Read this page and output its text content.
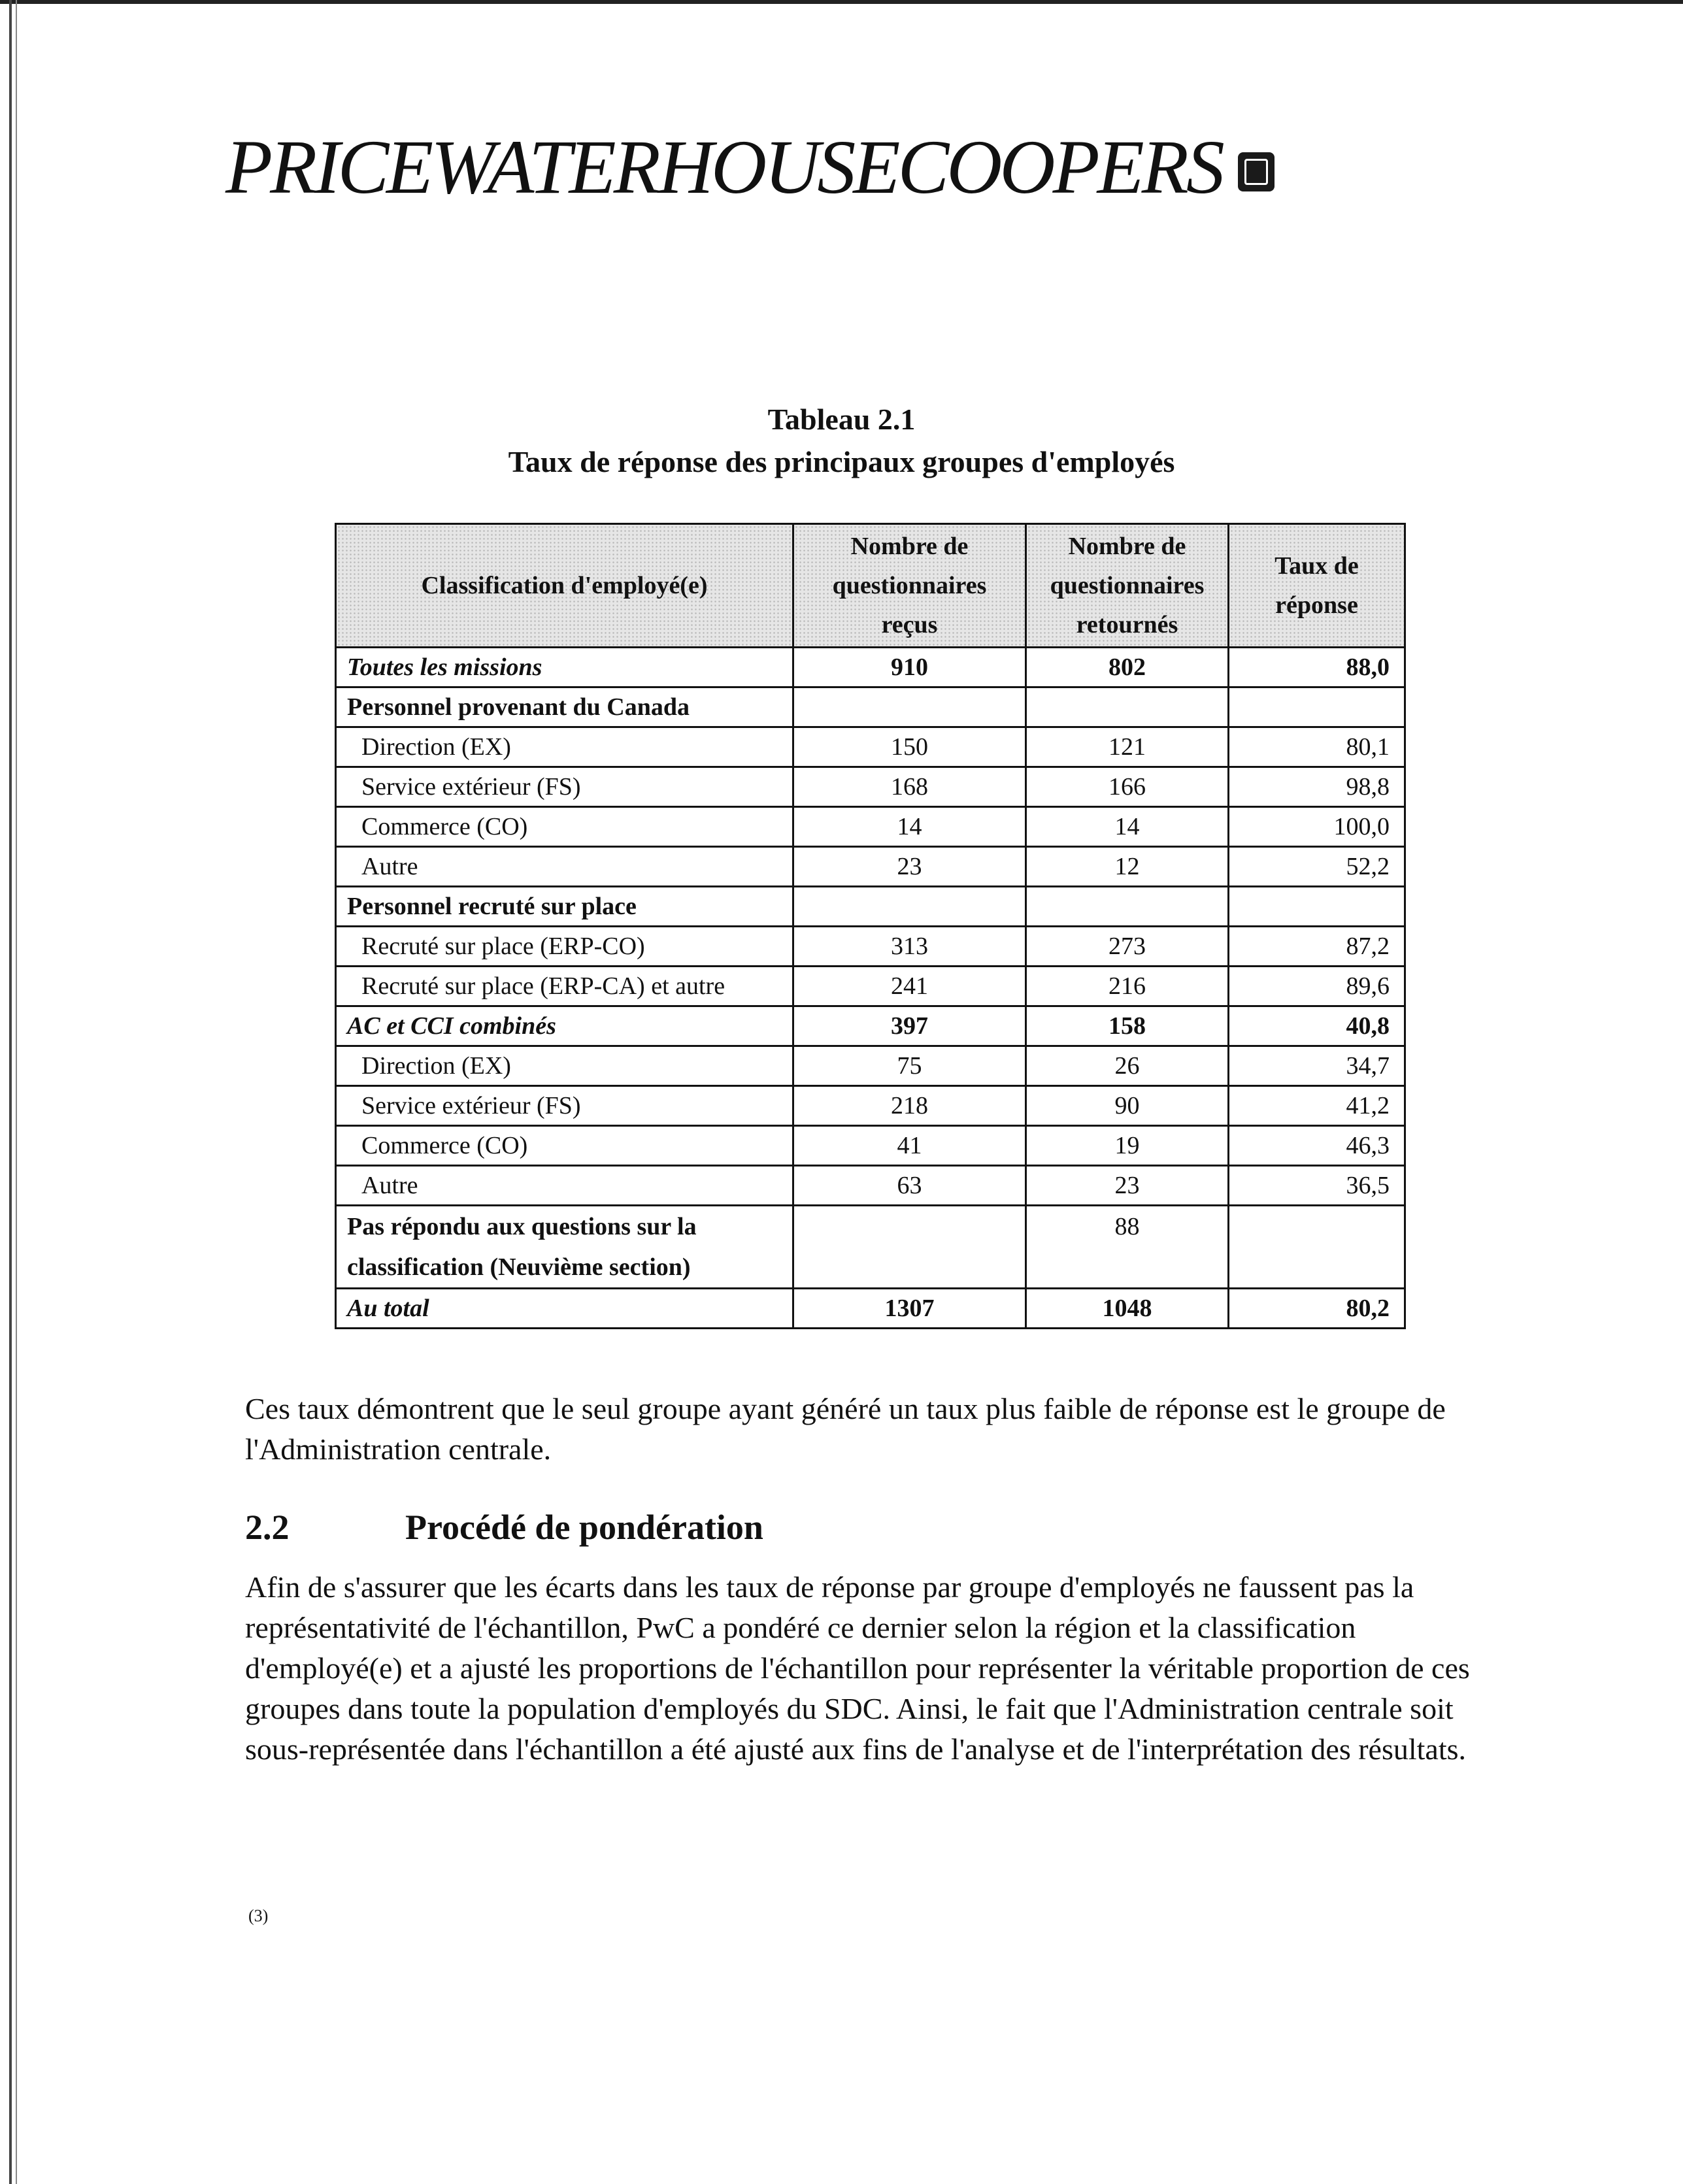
PRICEWATERHOUSECOOPERS
Tableau 2.1
Taux de réponse des principaux groupes d'employés
Classification d'employé(e)	Nombre de questionnaires reçus	Nombre de questionnaires retournés	Taux de réponse
Toutes les missions	910	802	88,0
Personnel provenant du Canada			
Direction (EX)	150	121	80,1
Service extérieur (FS)	168	166	98,8
Commerce (CO)	14	14	100,0
Autre	23	12	52,2
Personnel recruté sur place			
Recruté sur place (ERP-CO)	313	273	87,2
Recruté sur place (ERP-CA) et autre	241	216	89,6
AC et CCI combinés	397	158	40,8
Direction (EX)	75	26	34,7
Service extérieur (FS)	218	90	41,2
Commerce (CO)	41	19	46,3
Autre	63	23	36,5
Pas répondu aux questions sur la classification (Neuvième section)		88	
Au total	1307	1048	80,2
Ces taux démontrent que le seul groupe ayant généré un taux plus faible de réponse est le groupe de l'Administration centrale.
2.2	Procédé de pondération
Afin de s'assurer que les écarts dans les taux de réponse par groupe d'employés ne faussent pas la représentativité de l'échantillon, PwC a pondéré ce dernier selon la région et la classification d'employé(e) et a ajusté les proportions de l'échantillon pour représenter la véritable proportion de ces groupes dans toute la population d'employés du SDC. Ainsi, le fait que l'Administration centrale soit sous-représentée dans l'échantillon a été ajusté aux fins de l'analyse et de l'interprétation des résultats.
(3)
